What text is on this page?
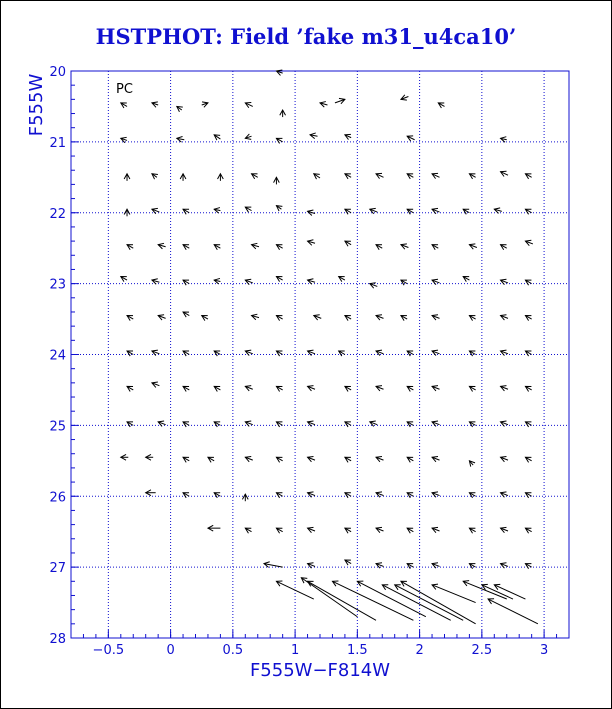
HSTPHOT: Field ’fake m31_u4ca10’
−0.5	0	0.5	1	1.5	2	2.5	3
20
21
22
23
24
25
26
27
28
PC
F555W−F814W
F555W
